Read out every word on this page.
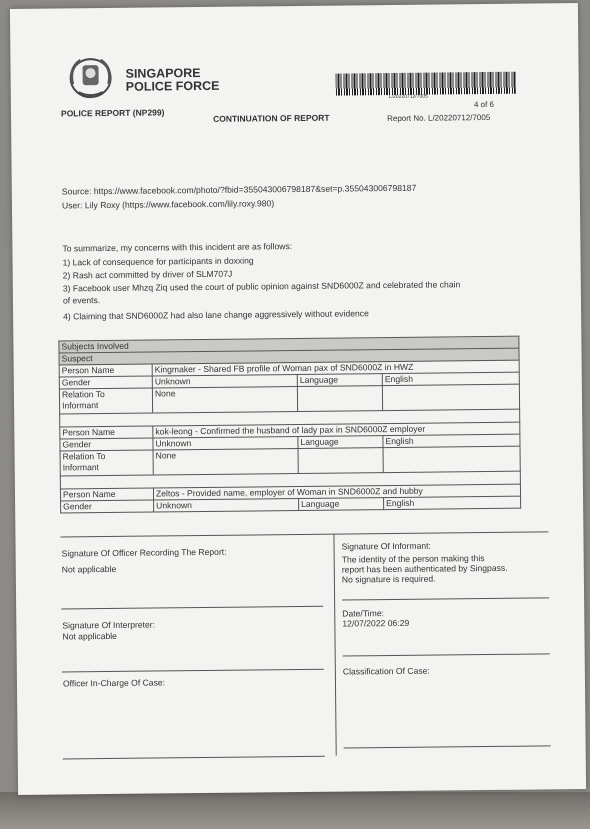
SINGAPORE
POLICE FORCE
L/20220712/7005
4 of 6
POLICE REPORT (NP299)	CONTINUATION OF REPORT	Report No. L/20220712/7005
Source: https://www.facebook.com/photo/?fbid=355043006798187&set=p.355043006798187
User: Lily Roxy (https://www.facebook.com/lily.roxy.980)
To summarize, my concerns with this incident are as follows:
1) Lack of consequence for participants in doxxing
2) Rash act committed by driver of SLM707J
3) Facebook user Mhzq Ziq used the court of public opinion against SND6000Z and celebrated the chain
of events.
4) Claiming that SND6000Z had also lane change aggressively without evidence
Subjects Involved			
Suspect			
Person Name	Kingmaker - Shared FB profile of Woman pax of SND6000Z in HWZ		
Gender	Unknown	Language	English
Relation To
Informant	None		

Person Name	kok-leong - Confirmed the husband of lady pax in SND6000Z employer		
Gender	Unknown	Language	English
Relation To
Informant	None		

Person Name	Zeltos - Provided name, employer of Woman in SND6000Z and hubby		
Gender	Unknown	Language	English
Signature Of Officer Recording The Report:
Not applicable
Signature Of Interpreter:
Not applicable
Officer In-Charge Of Case:
Signature Of Informant:
The identity of the person making this
report has been authenticated by Singpass.
No signature is required.
Date/Time:
12/07/2022 06:29
Classification Of Case:
